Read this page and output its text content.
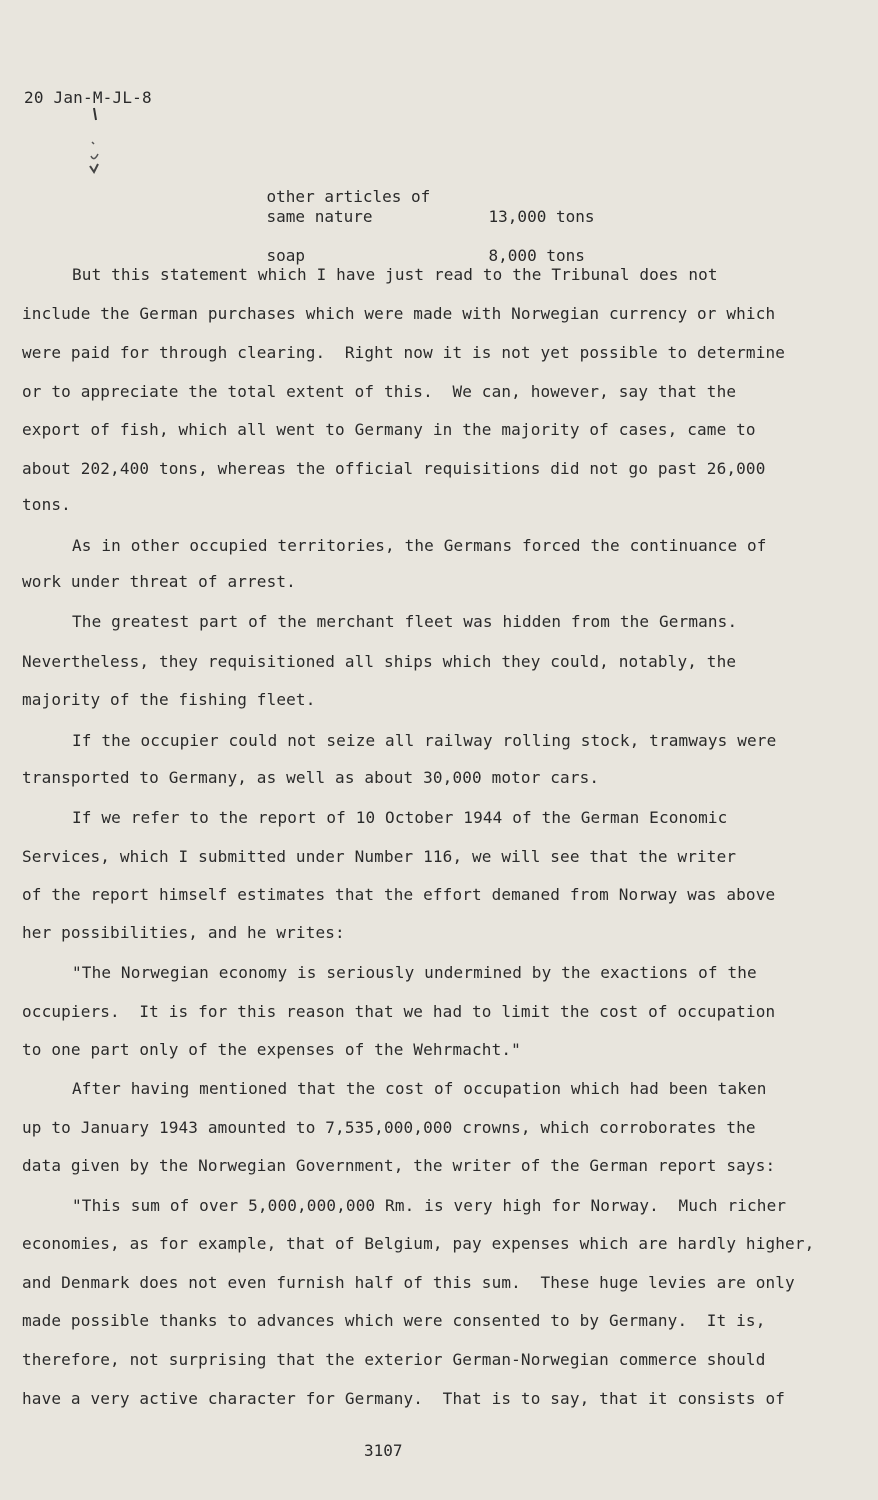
20 Jan-M-JL-8

other articles of

same nature	13,000 tons

soap	8,000 tons

But this statement which I have just read to the Tribunal does not
include the German purchases which were made with Norwegian currency or which
were paid for through clearing.  Right now it is not yet possible to determine
or to appreciate the total extent of this.  We can, however, say that the
export of fish, which all went to Germany in the majority of cases, came to
about 202,400 tons, whereas the official requisitions did not go past 26,000
tons.
As in other occupied territories, the Germans forced the continuance of
work under threat of arrest.
The greatest part of the merchant fleet was hidden from the Germans.
Nevertheless, they requisitioned all ships which they could, notably, the
majority of the fishing fleet.
If the occupier could not seize all railway rolling stock, tramways were
transported to Germany, as well as about 30,000 motor cars.
If we refer to the report of 10 October 1944 of the German Economic
Services, which I submitted under Number 116, we will see that the writer
of the report himself estimates that the effort demaned from Norway was above
her possibilities, and he writes:
"The Norwegian economy is seriously undermined by the exactions of the
occupiers.  It is for this reason that we had to limit the cost of occupation
to one part only of the expenses of the Wehrmacht."
After having mentioned that the cost of occupation which had been taken
up to January 1943 amounted to 7,535,000,000 crowns, which corroborates the
data given by the Norwegian Government, the writer of the German report says:
"This sum of over 5,000,000,000 Rm. is very high for Norway.  Much richer
economies, as for example, that of Belgium, pay expenses which are hardly higher,
and Denmark does not even furnish half of this sum.  These huge levies are only
made possible thanks to advances which were consented to by Germany.  It is,
therefore, not surprising that the exterior German-Norwegian commerce should
have a very active character for Germany.  That is to say, that it consists of
3107
